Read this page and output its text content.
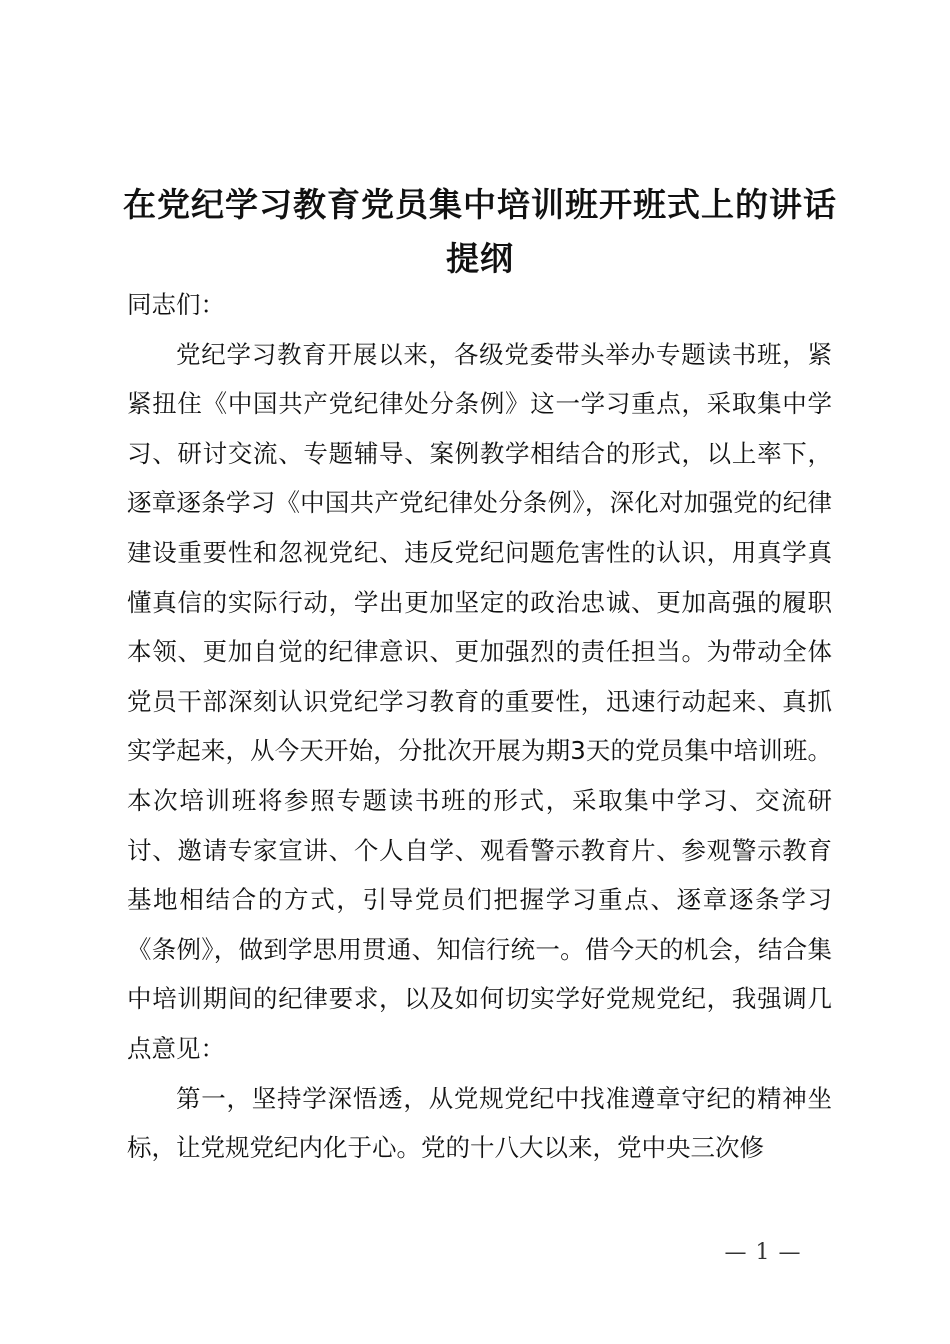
在党纪学习教育党员集中培训班开班式上的讲话提纲

同志们：

党纪学习教育开展以来，各级党委带头举办专题读书班，紧紧扭住《中国共产党纪律处分条例》这一学习重点，采取集中学习、研讨交流、专题辅导、案例教学相结合的形式，以上率下，逐章逐条学习《中国共产党纪律处分条例》，深化对加强党的纪律建设重要性和忽视党纪、违反党纪问题危害性的认识，用真学真懂真信的实际行动，学出更加坚定的政治忠诚、更加高强的履职本领、更加自觉的纪律意识、更加强烈的责任担当。为带动全体党员干部深刻认识党纪学习教育的重要性，迅速行动起来、真抓实学起来，从今天开始，分批次开展为期3天的党员集中培训班。本次培训班将参照专题读书班的形式，采取集中学习、交流研讨、邀请专家宣讲、个人自学、观看警示教育片、参观警示教育基地相结合的方式，引导党员们把握学习重点、逐章逐条学习《条例》，做到学思用贯通、知信行统一。借今天的机会，结合集中培训期间的纪律要求，以及如何切实学好党规党纪，我强调几点意见：

第一，坚持学深悟透，从党规党纪中找准遵章守纪的精神坐标，让党规党纪内化于心。党的十八大以来，党中央三次修

— 1 —
